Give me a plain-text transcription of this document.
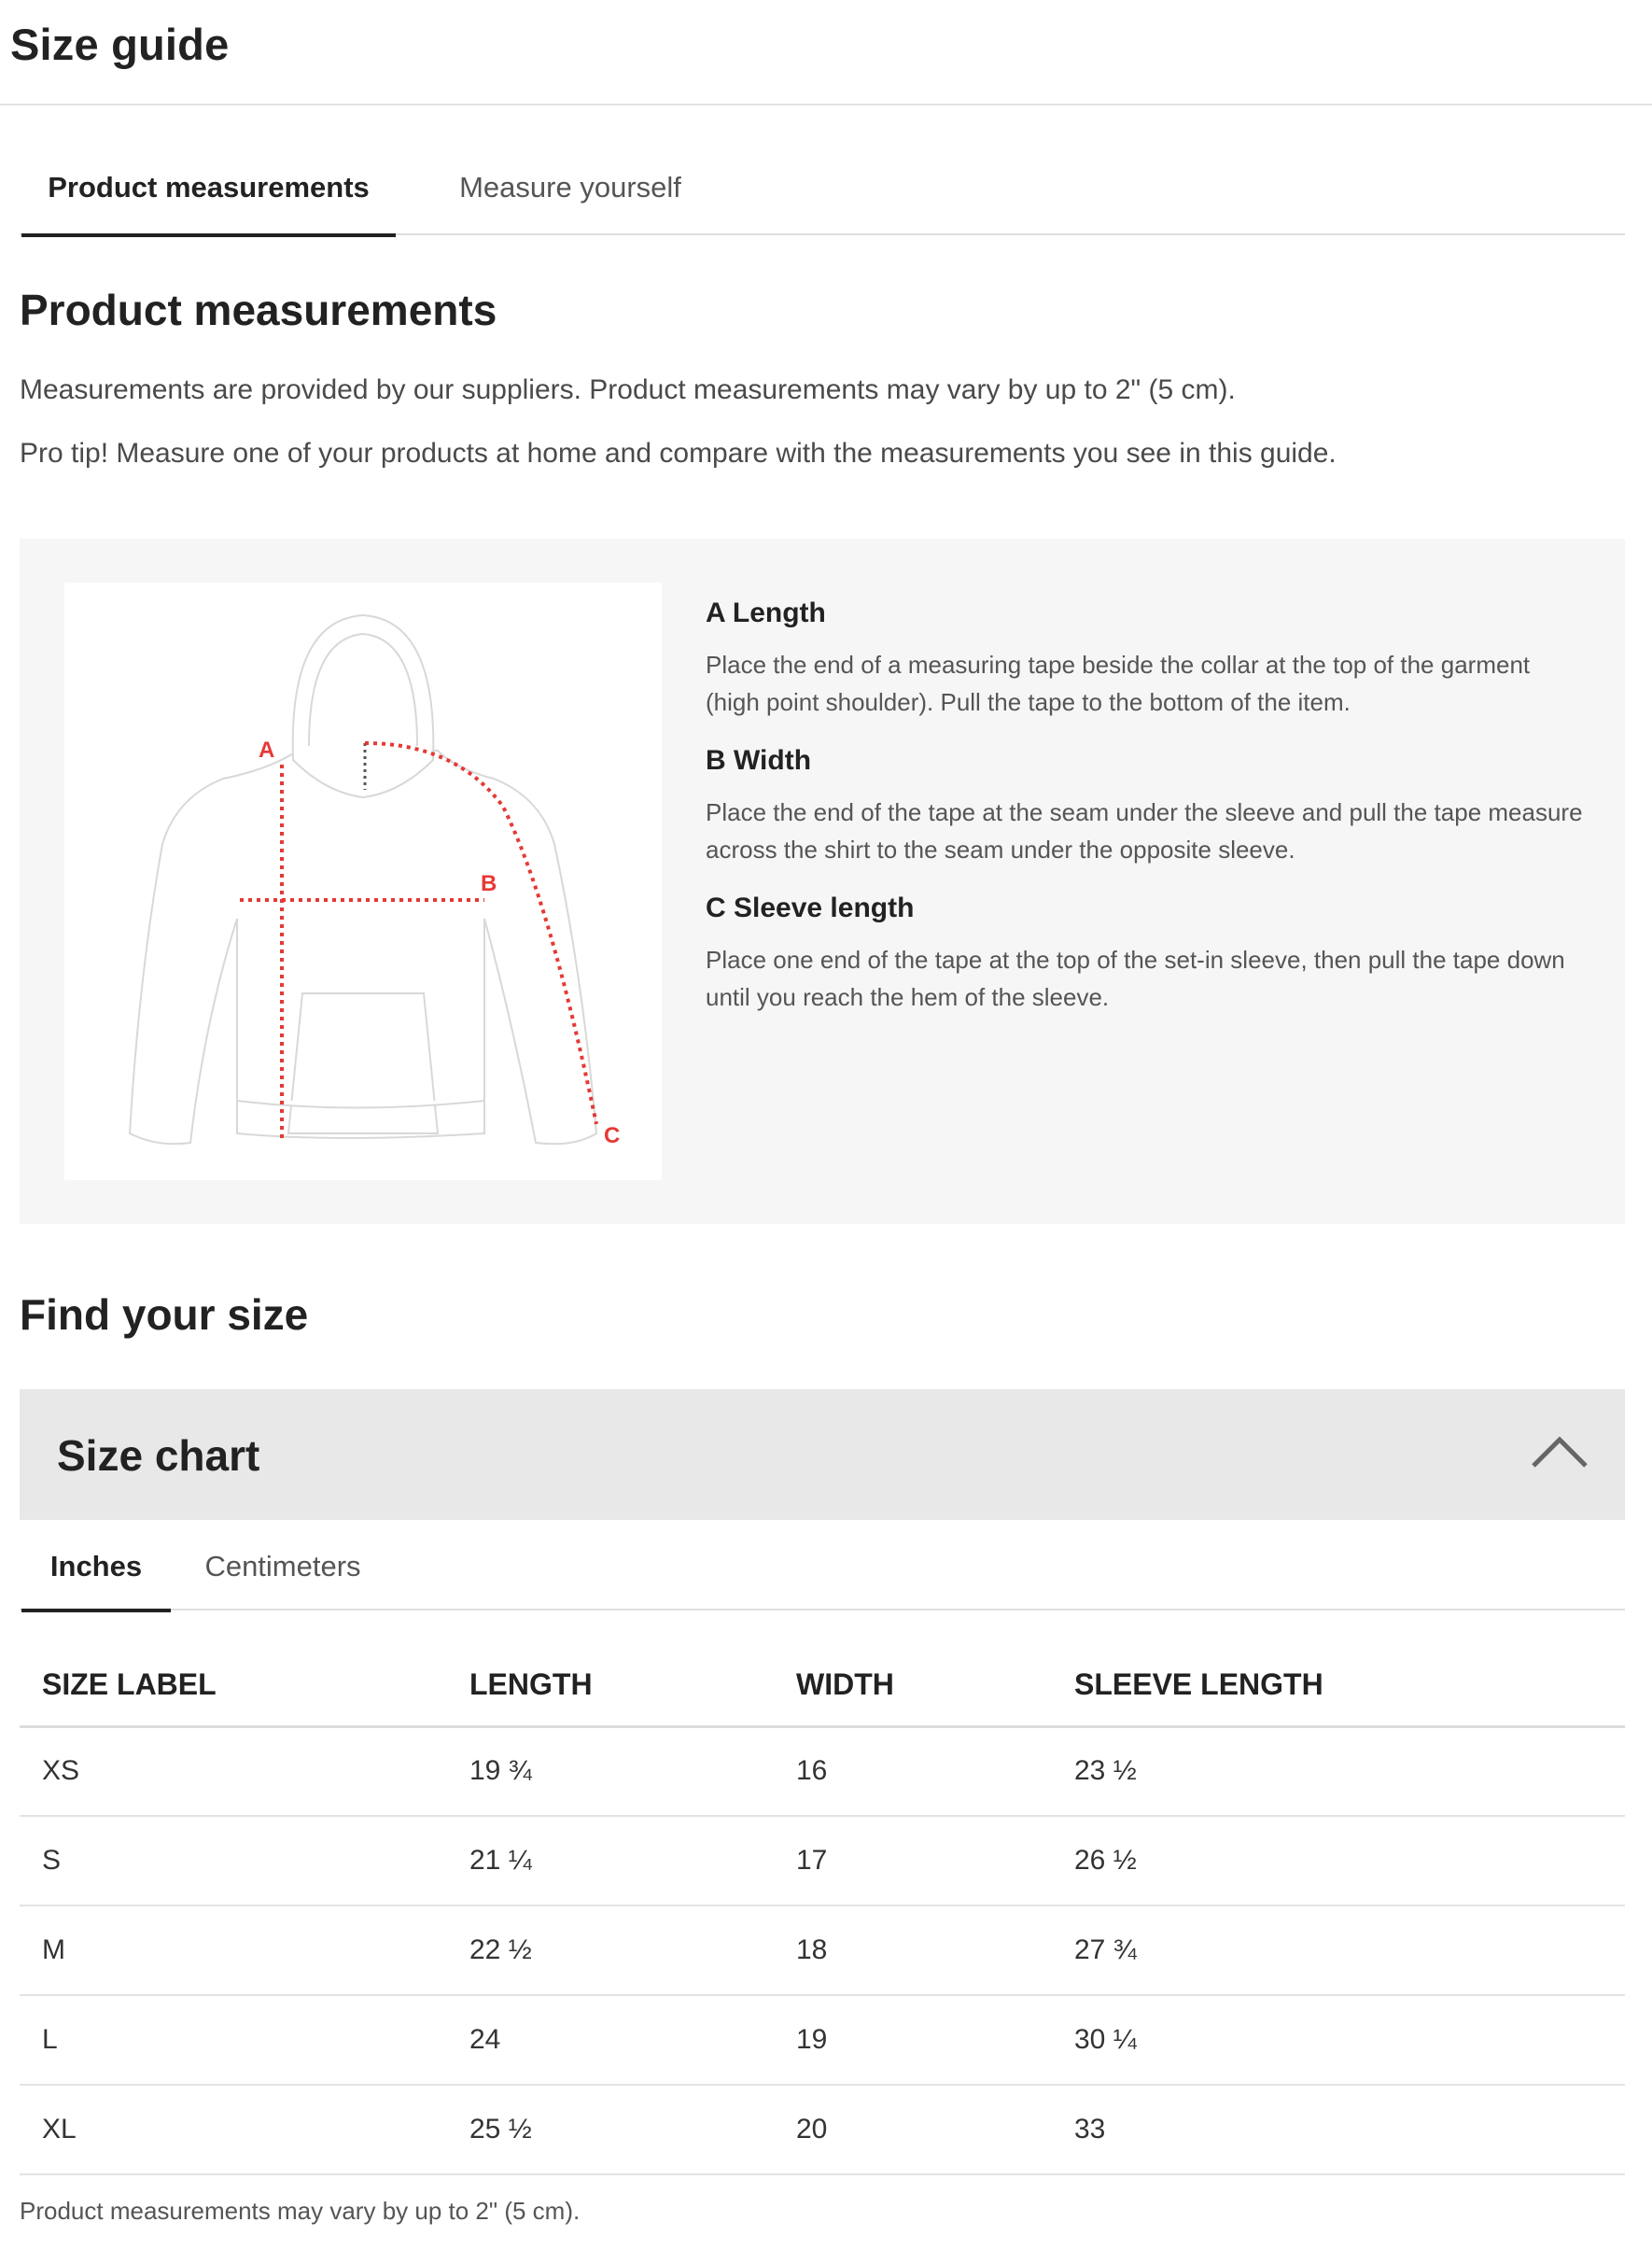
Size guide
Product measurements	Measure yourself
Product measurements
Measurements are provided by our suppliers. Product measurements may vary by up to 2" (5 cm).
Pro tip! Measure one of your products at home and compare with the measurements you see in this guide.
A
B
C
A Length

Place the end of a measuring tape beside the collar at the top of the garment (high point shoulder). Pull the tape to the bottom of the item.

B Width

Place the end of the tape at the seam under the sleeve and pull the tape measure across the shirt to the seam under the opposite sleeve.

C Sleeve length

Place one end of the tape at the top of the set-in sleeve, then pull the tape down until you reach the hem of the sleeve.

Find your size
Size chart
Inches	Centimeters
SIZE LABEL	LENGTH	WIDTH	SLEEVE LENGTH
XS	19 ¾	16	23 ½
S	21 ¼	17	26 ½
M	22 ½	18	27 ¾
L	24	19	30 ¼
XL	25 ½	20	33
Product measurements may vary by up to 2" (5 cm).
